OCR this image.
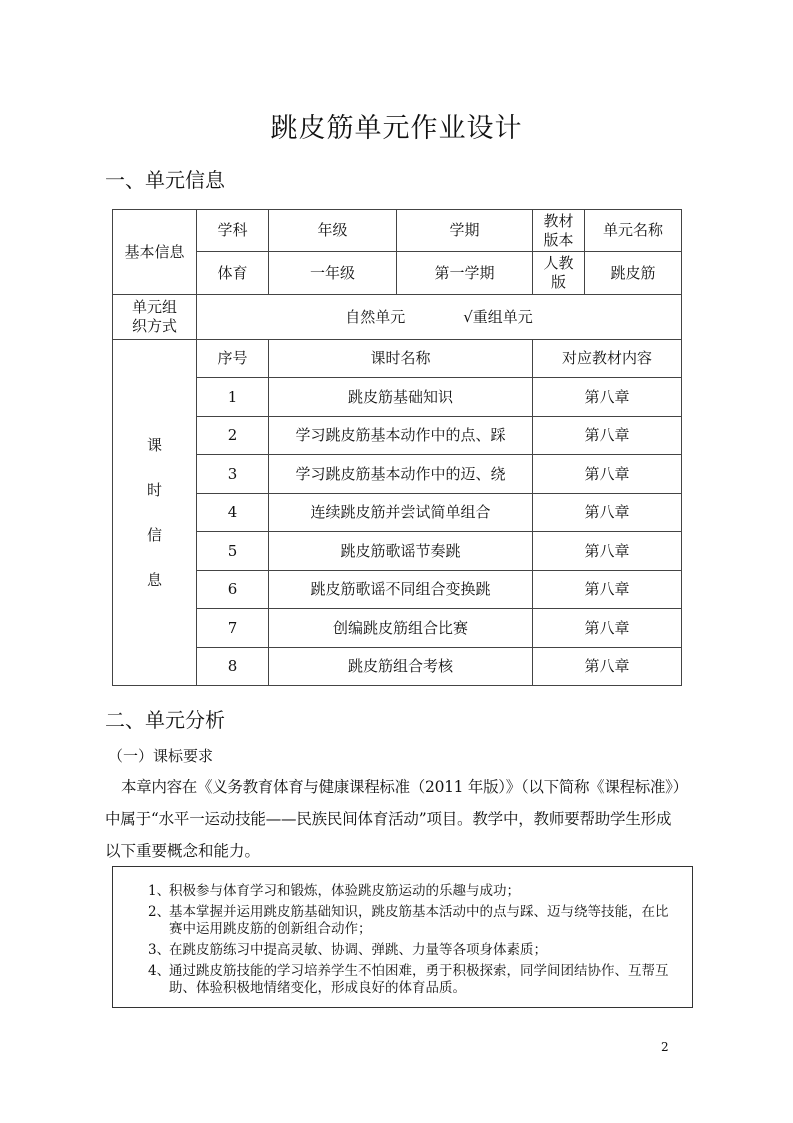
跳皮筋单元作业设计
一、单元信息
基本信息	学科	年级	学期	教材版本	单元名称
	体育	一年级	第一学期	人教版	跳皮筋
单元组织方式	自然单元 √重组单元				

课
时
信
息	序号	课时名称		对应教材内容	
	1	跳皮筋基础知识		第八章	
	2	学习跳皮筋基本动作中的点、踩		第八章	
	3	学习跳皮筋基本动作中的迈、绕		第八章	
	4	连续跳皮筋并尝试简单组合		第八章	
	5	跳皮筋歌谣节奏跳		第八章	
	6	跳皮筋歌谣不同组合变换跳		第八章	
	7	创编跳皮筋组合比赛		第八章	
	8	跳皮筋组合考核		第八章	
二、单元分析
（一）课标要求
本章内容在《义务教育体育与健康课程标准（2011 年版）》（以下简称《课程标准》）
中属于“水平一运动技能——民族民间体育活动”项目。教学中，教师要帮助学生形成
以下重要概念和能力。
1、
积极参与体育学习和锻炼，体验跳皮筋运动的乐趣与成功；
2、
基本掌握并运用跳皮筋基础知识，跳皮筋基本活动中的点与踩、迈与绕等技能，在比赛中运用跳皮筋的创新组合动作；
3、
在跳皮筋练习中提高灵敏、协调、弹跳、力量等各项身体素质；
4、
通过跳皮筋技能的学习培养学生不怕困难，勇于积极探索，同学间团结协作、互帮互助、体验积极地情绪变化，形成良好的体育品质。
2
